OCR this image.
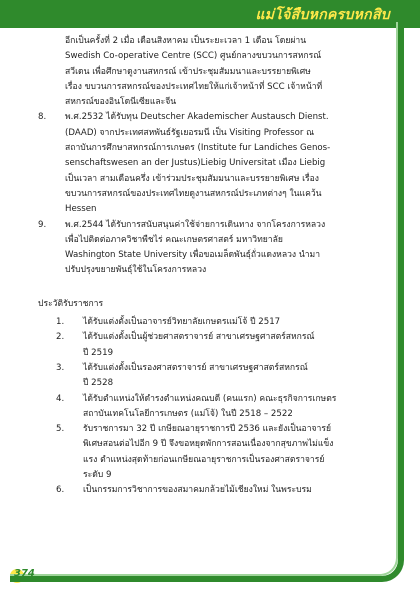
แม่โจ้สืบหกครบหกสิบ
อีกเป็นครั้งที่ 2 เมื่อ เดือนสิงหาคม เป็นระยะเวลา 1 เดือน โดยผ่าน
Swedish Co-operative Centre (SCC) ศูนย์กลางขบวนการสหกรณ์
สวีเดน เพื่อศึกษาดูงานสหกรณ์ เข้าประชุมสัมมนาและบรรยายพิเศษ
เรื่อง ขบวนการสหกรณ์ของประเทศไทยให้แก่เจ้าหน้าที่ SCC เจ้าหน้าที่
สหกรณ์ของอินโดนีเซียและจีน
8. พ.ศ.2532 ได้รับทุน Deutscher Akademischer Austausch Dienst.
(DAAD) จากประเทศสหพันธ์รัฐเยอรมนี เป็น Visiting Professor ณ
สถาบันการศึกษาสหกรณ์การเกษตร (Institute fur Landiches Genos-
senschaftswesen an der Justus)Liebig Universitat เมือง Liebig
เป็นเวลา สามเดือนครึ่ง เข้าร่วมประชุมสัมมนาและบรรยายพิเศษ เรื่อง
ขบวนการสหกรณ์ของประเทศไทยดูงานสหกรณ์ประเภทต่างๆ ในแคว้น
Hessen
9. พ.ศ.2544 ได้รับการสนับสนุนค่าใช้จ่ายการเดินทาง จากโครงการหลวง
เพื่อไปติดต่อภาควิชาพืชไร่ คณะเกษตรศาสตร์ มหาวิทยาลัย
Washington State University เพื่อขอเมล็ดพันธุ์ถั่วแดงหลวง นำมา
ปรับปรุงขยายพันธุ์ใช้ในโครงการหลวง
ประวัติรับราชการ
1. ได้รับแต่งตั้งเป็นอาจารย์วิทยาลัยเกษตรแม่โจ้ ปี 2517
2. ได้รับแต่งตั้งเป็นผู้ช่วยศาสตราจารย์ สาขาเศรษฐศาสตร์สหกรณ์
ปี 2519
3. ได้รับแต่งตั้งเป็นรองศาสตราจารย์ สาขาเศรษฐศาสตร์สหกรณ์
ปี 2528
4. ได้รับตำแหน่งให้ดำรงตำแหน่งคณบดี (คนแรก) คณะธุรกิจการเกษตร
สถาบันเทคโนโลยีการเกษตร (แม่โจ้) ในปี 2518 – 2522
5. รับราชการมา 32 ปี เกษียณอายุราชการปี 2536 และยังเป็นอาจารย์
พิเศษสอนต่อไปอีก 9 ปี จึงขอหยุดพักการสอนเนื่องจากสุขภาพไม่แข็ง
แรง ตำแหน่งสุดท้ายก่อนเกษียณอายุราชการเป็นรองศาสตราจารย์
ระดับ 9
6. เป็นกรรมการวิชาการของสมาคมกล้วยไม้เชียงใหม่ ในพระบรม
374
